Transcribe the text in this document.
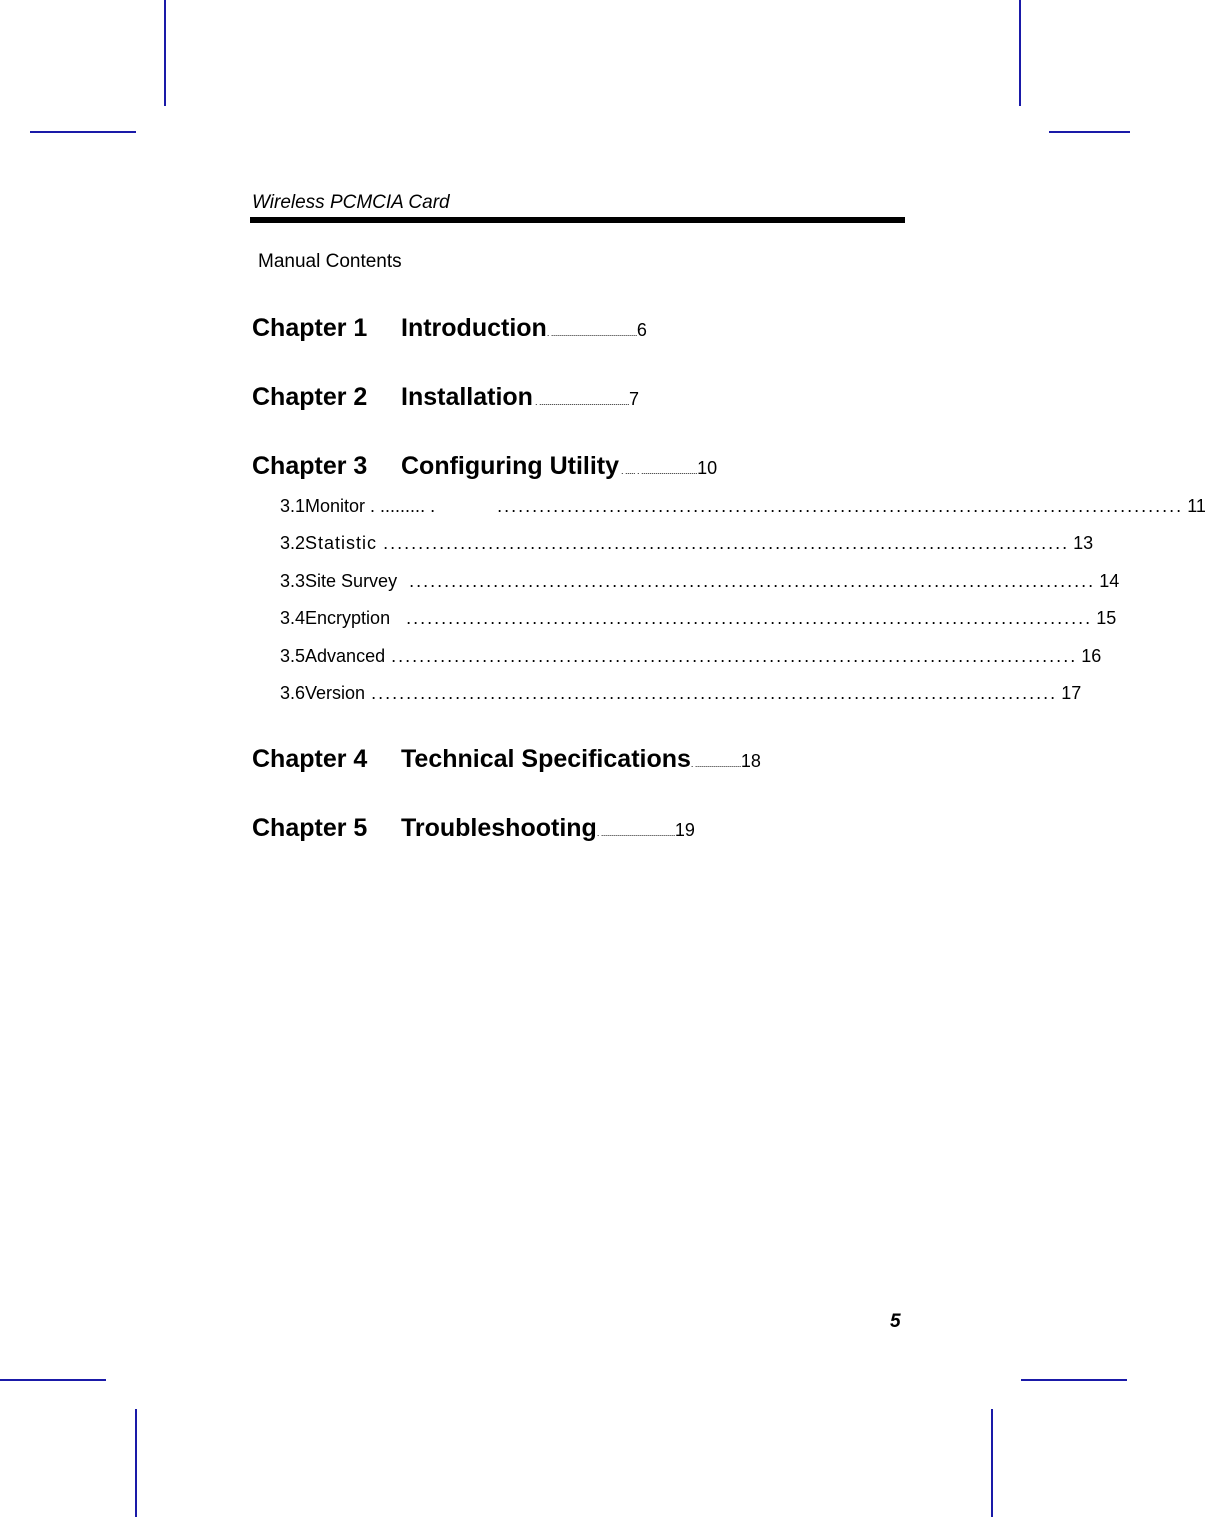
Wireless PCMCIA Card
Manual Contents
Chapter 1 Introduction. ...........................................6
Chapter 2 Installation . .............................................7
Chapter 3 Configuring Utility . ..... . ............................10
3.1 Monitor . ......... .	.................................................................................................. 11
3.2 Statistic .................................................................................................. 13
3.3 Site Survey .................................................................................................. 14
3.4 Encryption .................................................................................................. 15
3.5 Advanced .................................................................................................. 16
3.6 Version .................................................................................................. 17
Chapter 4 Technical Specifications. .......................18
Chapter 5 Troubleshooting. .....................................19
5
